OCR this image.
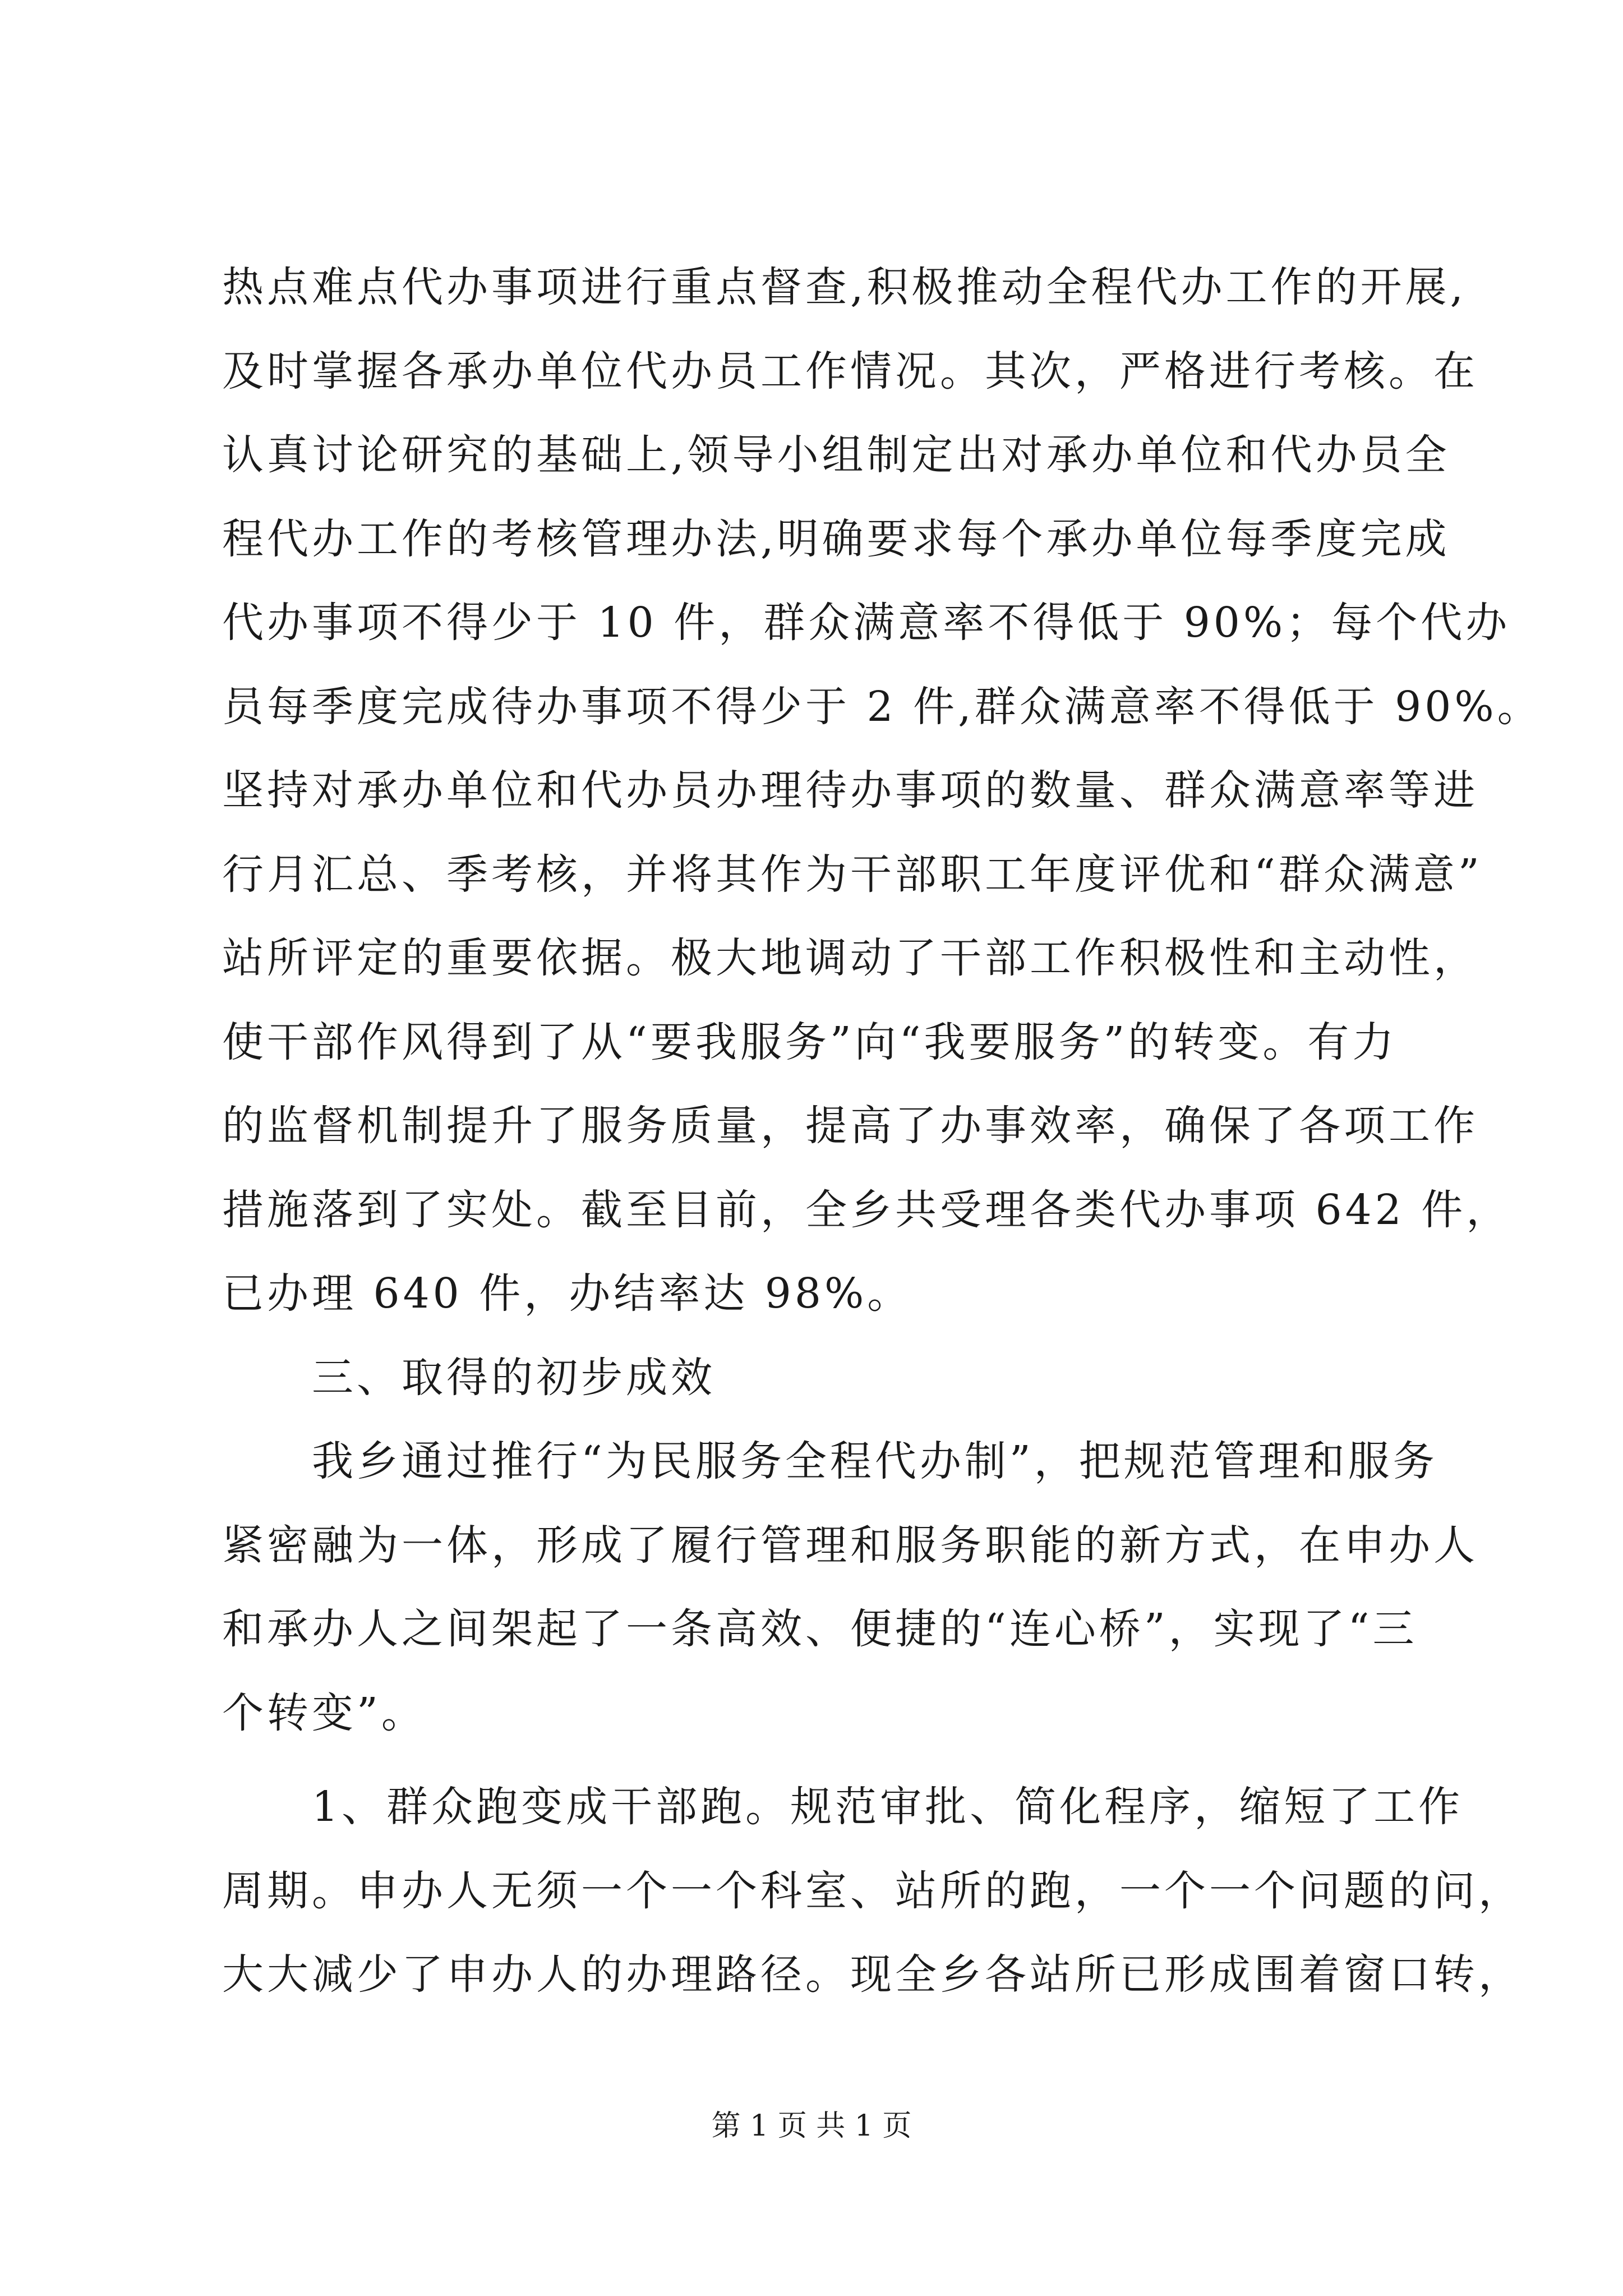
热点难点代办事项进行重点督查,积极推动全程代办工作的开展,
及时掌握各承办单位代办员工作情况。其次，严格进行考核。在
认真讨论研究的基础上,领导小组制定出对承办单位和代办员全
程代办工作的考核管理办法,明确要求每个承办单位每季度完成
代办事项不得少于 10 件，群众满意率不得低于 90%；每个代办
员每季度完成待办事项不得少于 2 件,群众满意率不得低于 90%。
坚持对承办单位和代办员办理待办事项的数量、群众满意率等进
行月汇总、季考核，并将其作为干部职工年度评优和“群众满意”
站所评定的重要依据。极大地调动了干部工作积极性和主动性，
使干部作风得到了从“要我服务”向“我要服务”的转变。有力
的监督机制提升了服务质量，提高了办事效率，确保了各项工作
措施落到了实处。截至目前，全乡共受理各类代办事项 642 件，
已办理 640 件，办结率达 98%。
　　三、取得的初步成效
　　我乡通过推行“为民服务全程代办制”，把规范管理和服务
紧密融为一体，形成了履行管理和服务职能的新方式，在申办人
和承办人之间架起了一条高效、便捷的“连心桥”，实现了“三
个转变”。
　　1、群众跑变成干部跑。规范审批、简化程序，缩短了工作
周期。申办人无须一个一个科室、站所的跑，一个一个问题的问，
大大减少了申办人的办理路径。现全乡各站所已形成围着窗口转，
第 1 页 共 1 页
